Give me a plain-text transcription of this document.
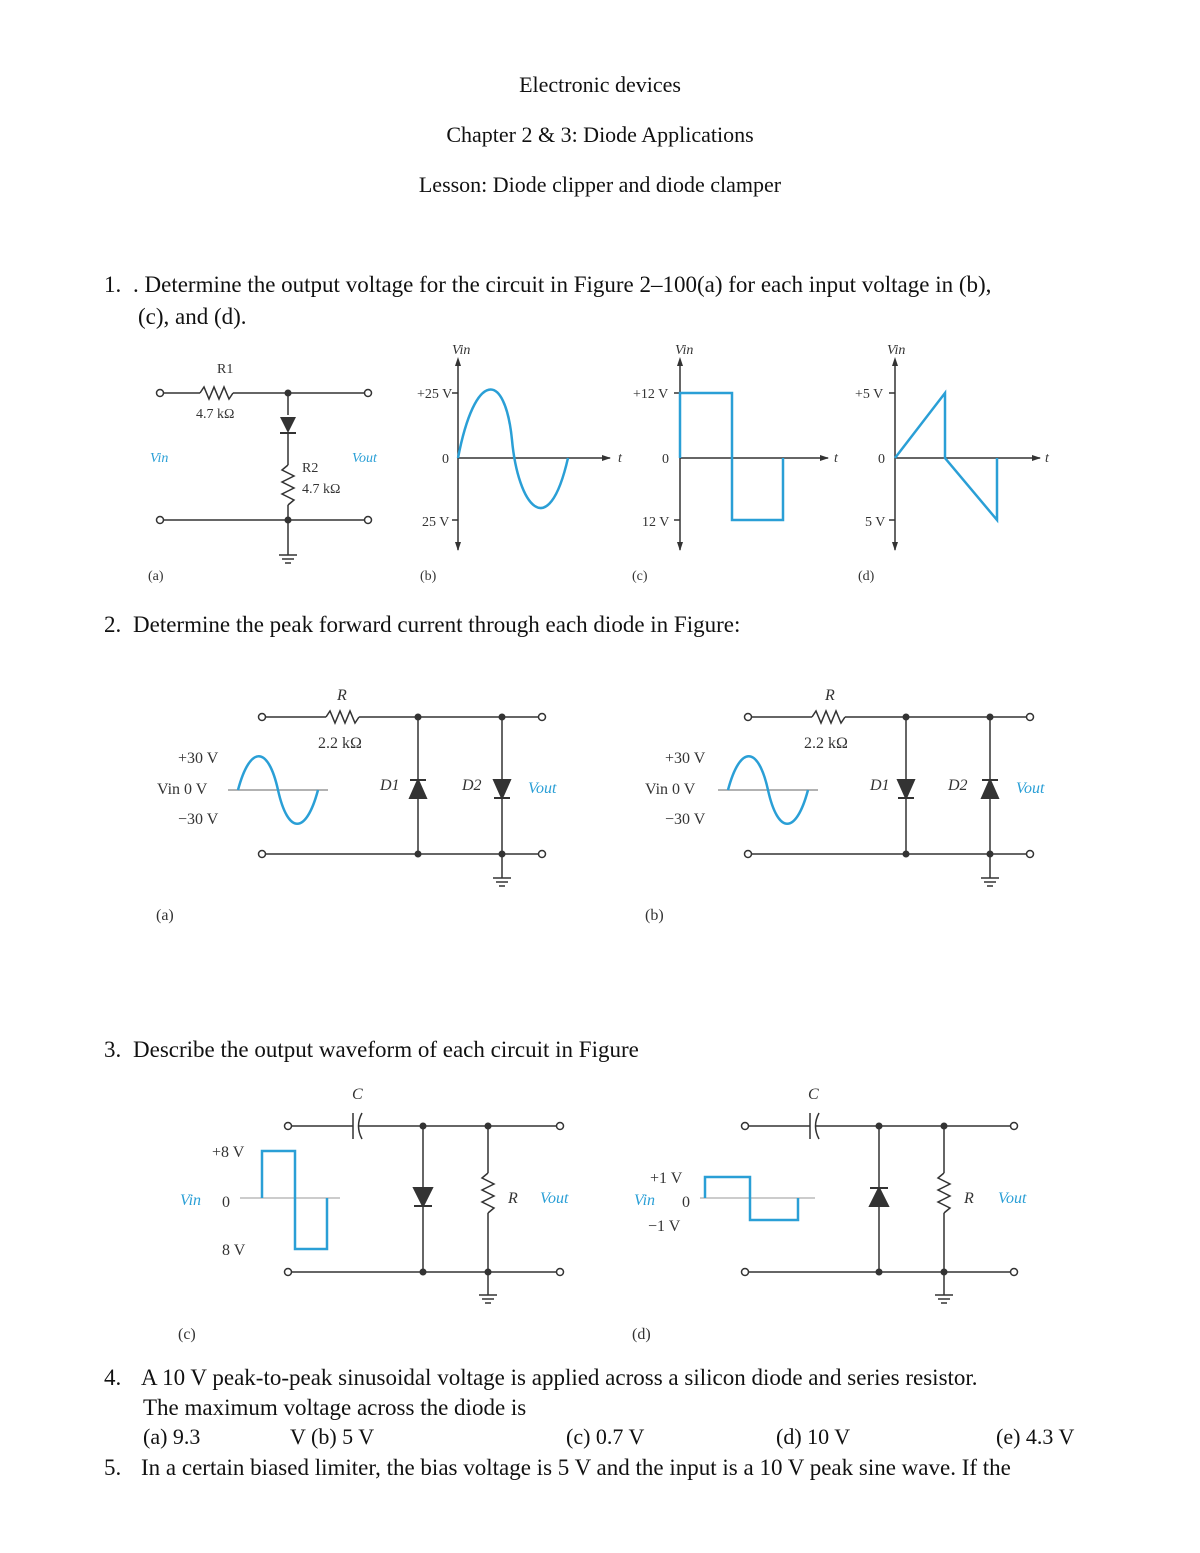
Electronic devices
Chapter 2 & 3: Diode Applications
Lesson: Diode clipper and diode clamper
1. . Determine the output voltage for the circuit in Figure 2–100(a) for each input voltage in (b),
(c), and (d).
R1
4.7 kΩ
Vin	Vout
R2
4.7 kΩ
(a)
Vin
+25 V
0
25 V
t
(b)
Vin
+12 V
0
12 V
t
(c)
Vin
+5 V
0
5 V
t
(d)
2. Determine the peak forward current through each diode in Figure:
R
2.2 kΩ
+30 V
Vin 0 V
−30 V
D1	D2	Vout
(a)
R
2.2 kΩ
+30 V
Vin 0 V
−30 V
D1	D2	Vout
(b)
3. Describe the output waveform of each circuit in Figure
C
R Vout
+8 V
Vin 0
8 V
(c)
C
R Vout
+1 V
Vin 0
−1 V
(d)
4. A 10 V peak-to-peak sinusoidal voltage is applied across a silicon diode and series resistor.
The maximum voltage across the diode is
(a) 9.3	V (b) 5 V	(c) 0.7 V	(d) 10 V	(e) 4.3 V
5. In a certain biased limiter, the bias voltage is 5 V and the input is a 10 V peak sine wave. If the
